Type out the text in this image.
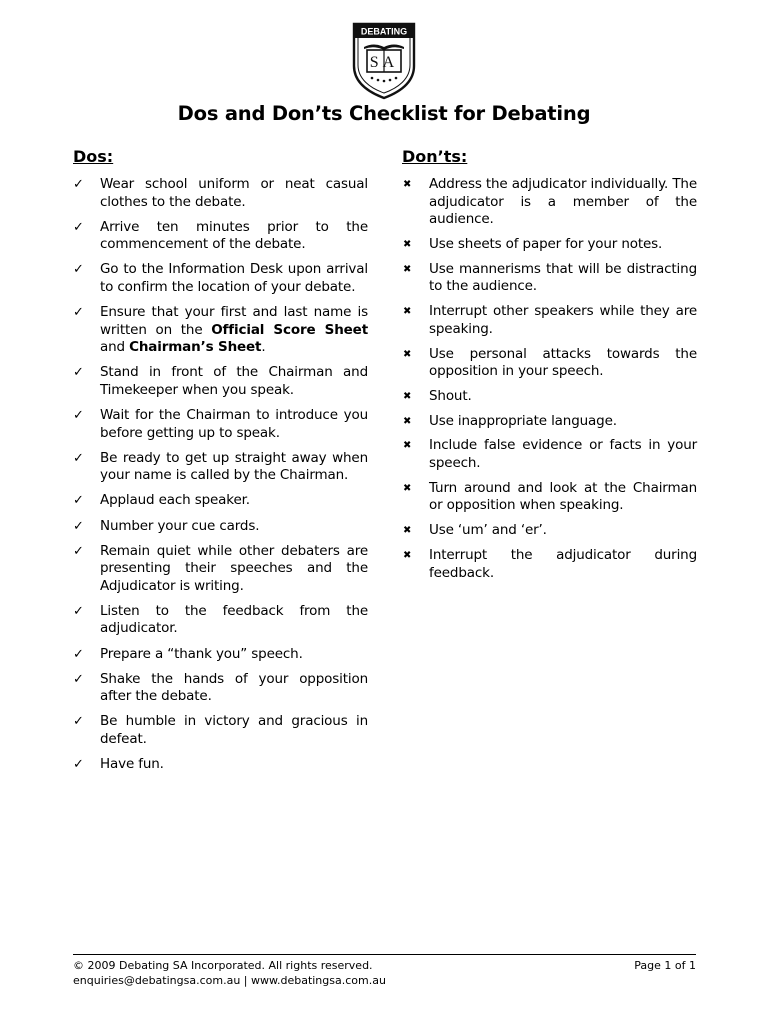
DEBATING
SA
Dos and Don’ts Checklist for Debating
Dos:
✓	Wear school uniform or neat casual clothes to the debate.
✓	Arrive ten minutes prior to the commencement of the debate.
✓	Go to the Information Desk upon arrival to confirm the location of your debate.
✓	Ensure that your first and last name is written on the Official Score Sheet and Chairman’s Sheet.
✓	Stand in front of the Chairman and Timekeeper when you speak.
✓	Wait for the Chairman to introduce you before getting up to speak.
✓	Be ready to get up straight away when your name is called by the Chairman.
✓	Applaud each speaker.
✓	Number your cue cards.
✓	Remain quiet while other debaters are presenting their speeches and the Adjudicator is writing.
✓	Listen to the feedback from the adjudicator.
✓	Prepare a “thank you” speech.
✓	Shake the hands of your opposition after the debate.
✓	Be humble in victory and gracious in defeat.
✓	Have fun.
Don’ts:
✖	Address the adjudicator individually. The adjudicator is a member of the audience.
✖	Use sheets of paper for your notes.
✖	Use mannerisms that will be distracting to the audience.
✖	Interrupt other speakers while they are speaking.
✖	Use personal attacks towards the opposition in your speech.
✖	Shout.
✖	Use inappropriate language.
✖	Include false evidence or facts in your speech.
✖	Turn around and look at the Chairman or opposition when speaking.
✖	Use ‘um’ and ‘er’.
✖	Interrupt the adjudicator during feedback.
© 2009 Debating SA Incorporated. All rights reserved.	Page 1 of 1
enquiries@debatingsa.com.au | www.debatingsa.com.au
